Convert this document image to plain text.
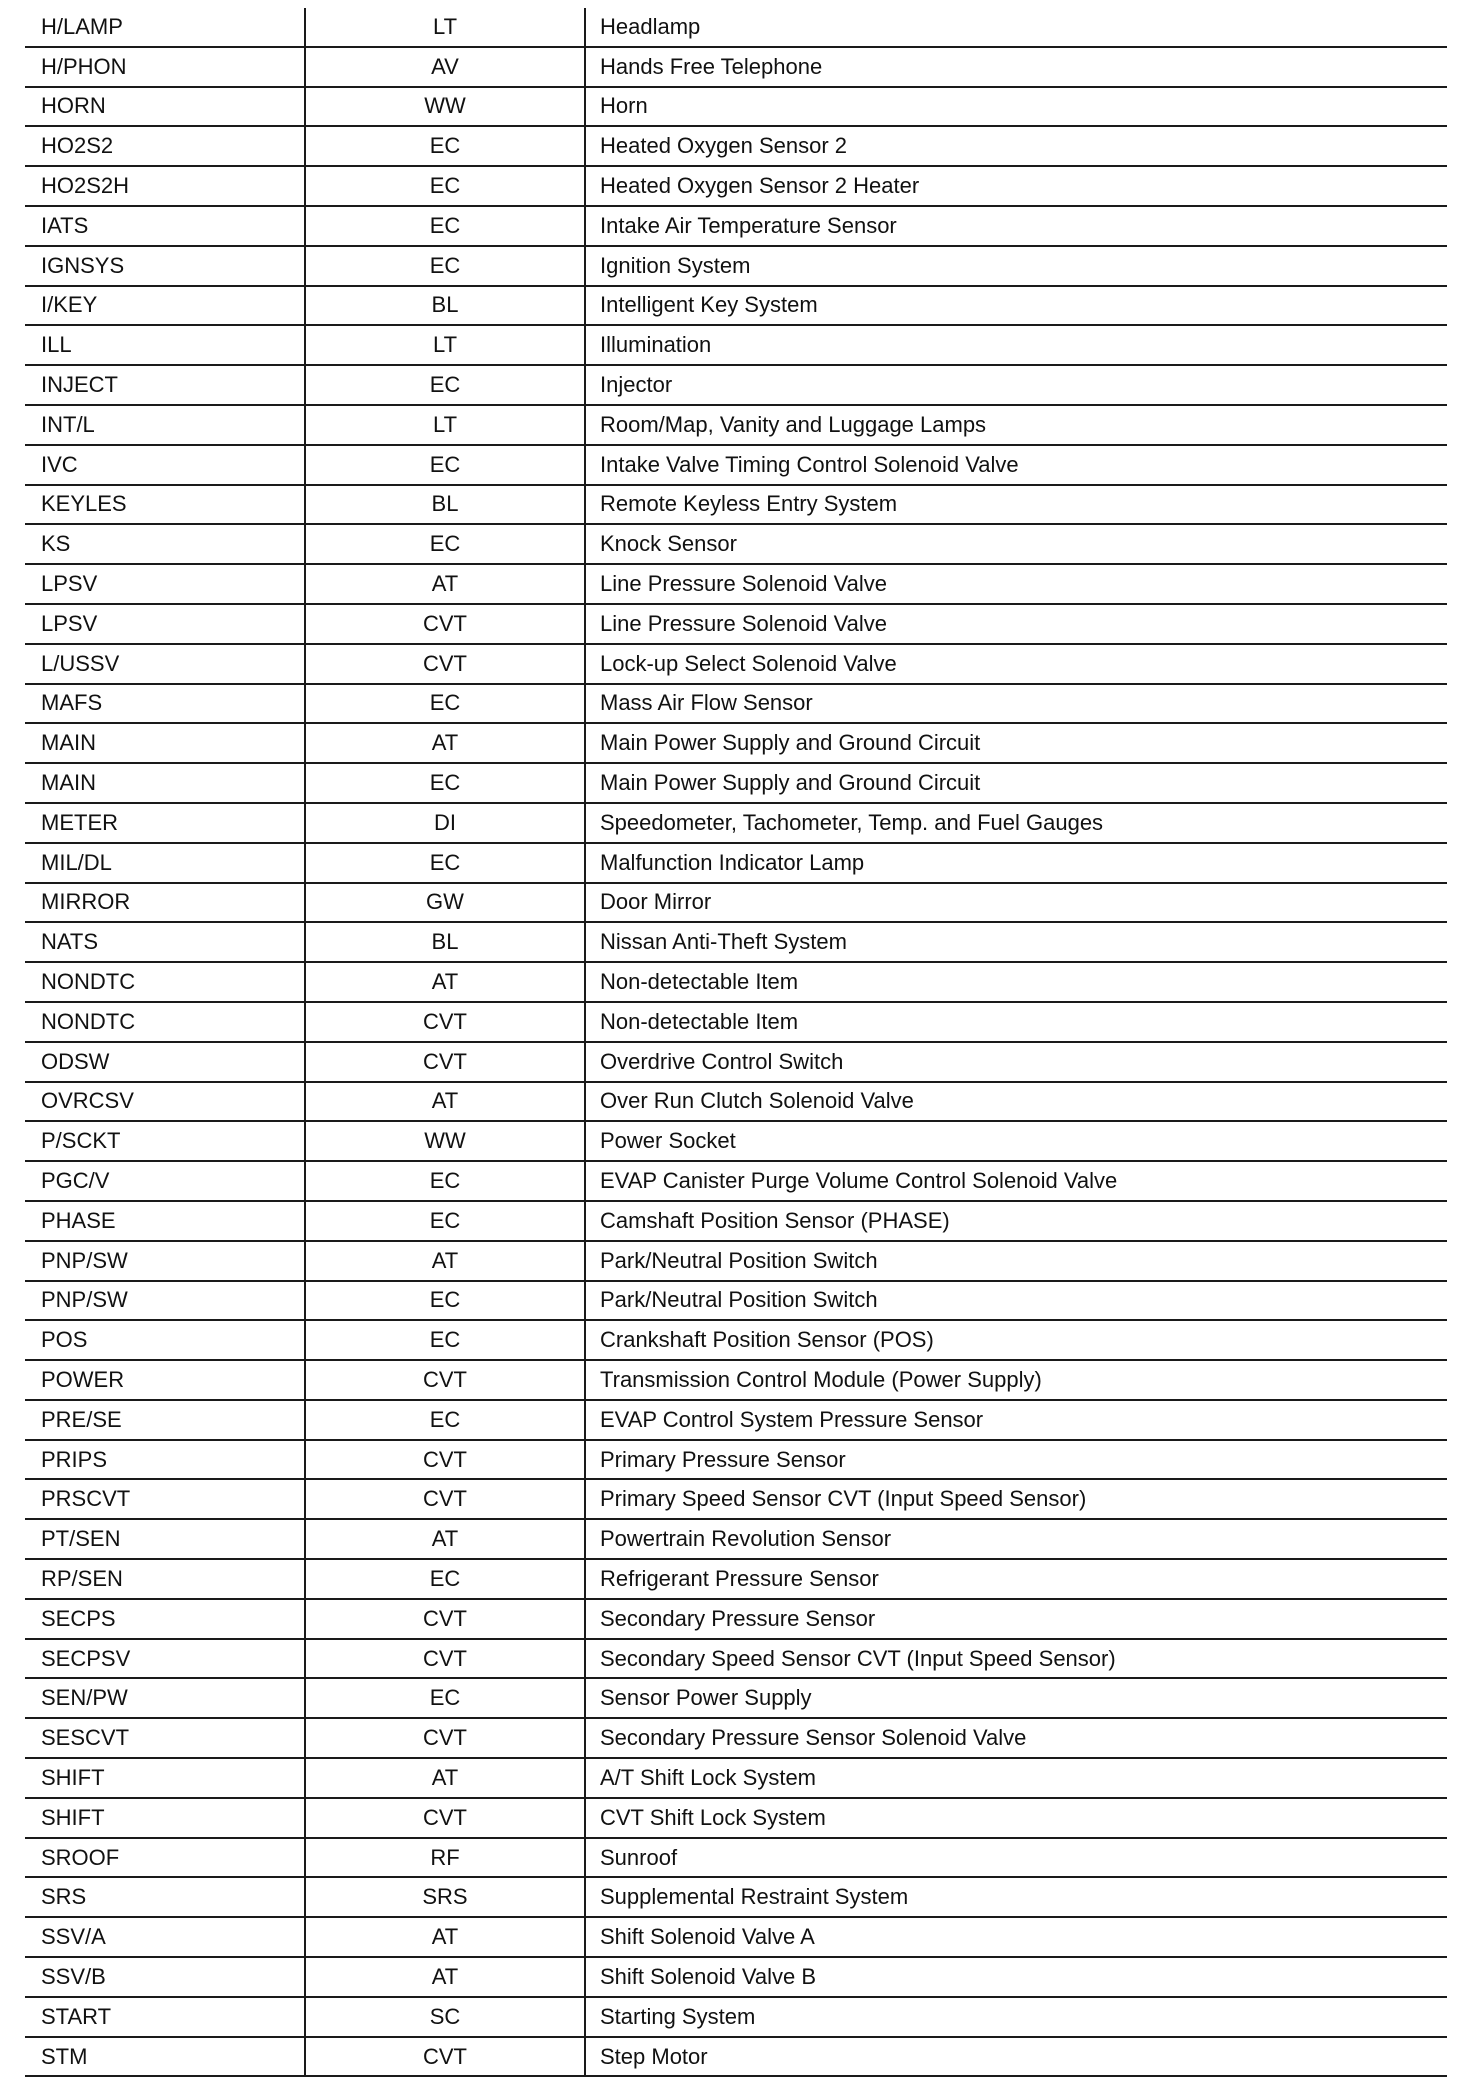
H/LAMP	LT	Headlamp
H/PHON	AV	Hands Free Telephone
HORN	WW	Horn
HO2S2	EC	Heated Oxygen Sensor 2
HO2S2H	EC	Heated Oxygen Sensor 2 Heater
IATS	EC	Intake Air Temperature Sensor
IGNSYS	EC	Ignition System
I/KEY	BL	Intelligent Key System
ILL	LT	Illumination
INJECT	EC	Injector
INT/L	LT	Room/Map, Vanity and Luggage Lamps
IVC	EC	Intake Valve Timing Control Solenoid Valve
KEYLES	BL	Remote Keyless Entry System
KS	EC	Knock Sensor
LPSV	AT	Line Pressure Solenoid Valve
LPSV	CVT	Line Pressure Solenoid Valve
L/USSV	CVT	Lock-up Select Solenoid Valve
MAFS	EC	Mass Air Flow Sensor
MAIN	AT	Main Power Supply and Ground Circuit
MAIN	EC	Main Power Supply and Ground Circuit
METER	DI	Speedometer, Tachometer, Temp. and Fuel Gauges
MIL/DL	EC	Malfunction Indicator Lamp
MIRROR	GW	Door Mirror
NATS	BL	Nissan Anti-Theft System
NONDTC	AT	Non-detectable Item
NONDTC	CVT	Non-detectable Item
ODSW	CVT	Overdrive Control Switch
OVRCSV	AT	Over Run Clutch Solenoid Valve
P/SCKT	WW	Power Socket
PGC/V	EC	EVAP Canister Purge Volume Control Solenoid Valve
PHASE	EC	Camshaft Position Sensor (PHASE)
PNP/SW	AT	Park/Neutral Position Switch
PNP/SW	EC	Park/Neutral Position Switch
POS	EC	Crankshaft Position Sensor (POS)
POWER	CVT	Transmission Control Module (Power Supply)
PRE/SE	EC	EVAP Control System Pressure Sensor
PRIPS	CVT	Primary Pressure Sensor
PRSCVT	CVT	Primary Speed Sensor CVT (Input Speed Sensor)
PT/SEN	AT	Powertrain Revolution Sensor
RP/SEN	EC	Refrigerant Pressure Sensor
SECPS	CVT	Secondary Pressure Sensor
SECPSV	CVT	Secondary Speed Sensor CVT (Input Speed Sensor)
SEN/PW	EC	Sensor Power Supply
SESCVT	CVT	Secondary Pressure Sensor Solenoid Valve
SHIFT	AT	A/T Shift Lock System
SHIFT	CVT	CVT Shift Lock System
SROOF	RF	Sunroof
SRS	SRS	Supplemental Restraint System
SSV/A	AT	Shift Solenoid Valve A
SSV/B	AT	Shift Solenoid Valve B
START	SC	Starting System
STM	CVT	Step Motor
